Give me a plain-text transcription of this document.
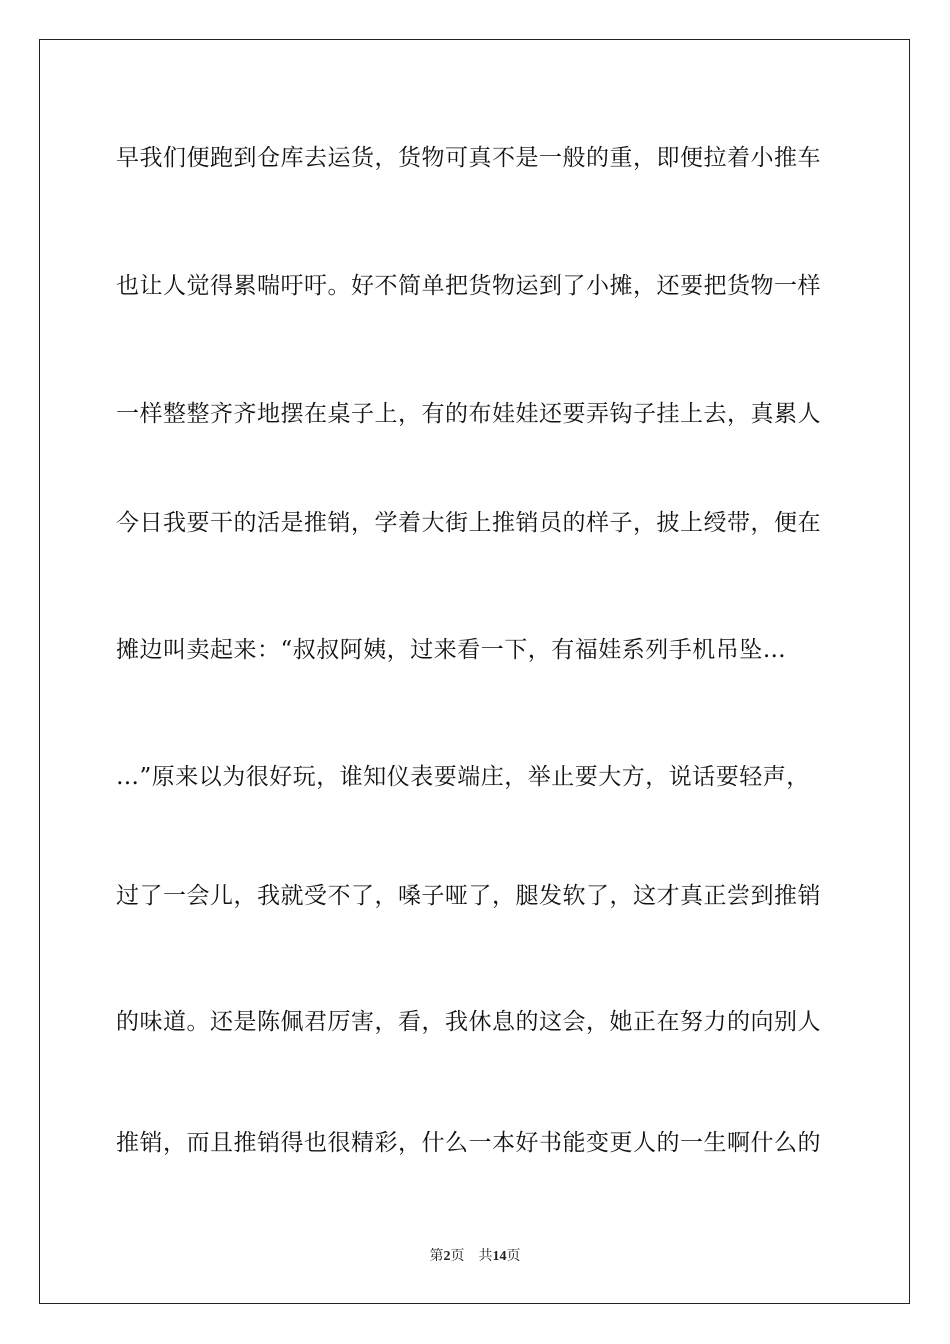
早我们便跑到仓库去运货，货物可真不是一般的重，即便拉着小推车
也让人觉得累喘吁吁。好不简单把货物运到了小摊，还要把货物一样
一样整整齐齐地摆在桌子上，有的布娃娃还要弄钩子挂上去，真累人
今日我要干的活是推销，学着大街上推销员的样子，披上绶带，便在
摊边叫卖起来：“叔叔阿姨，过来看一下，有福娃系列手机吊坠…
…”原来以为很好玩，谁知仪表要端庄，举止要大方，说话要轻声，
过了一会儿，我就受不了，嗓子哑了，腿发软了，这才真正尝到推销
的味道。还是陈佩君厉害，看，我休息的这会，她正在努力的向别人
推销，而且推销得也很精彩，什么一本好书能变更人的一生啊什么的
第2页 共14页
